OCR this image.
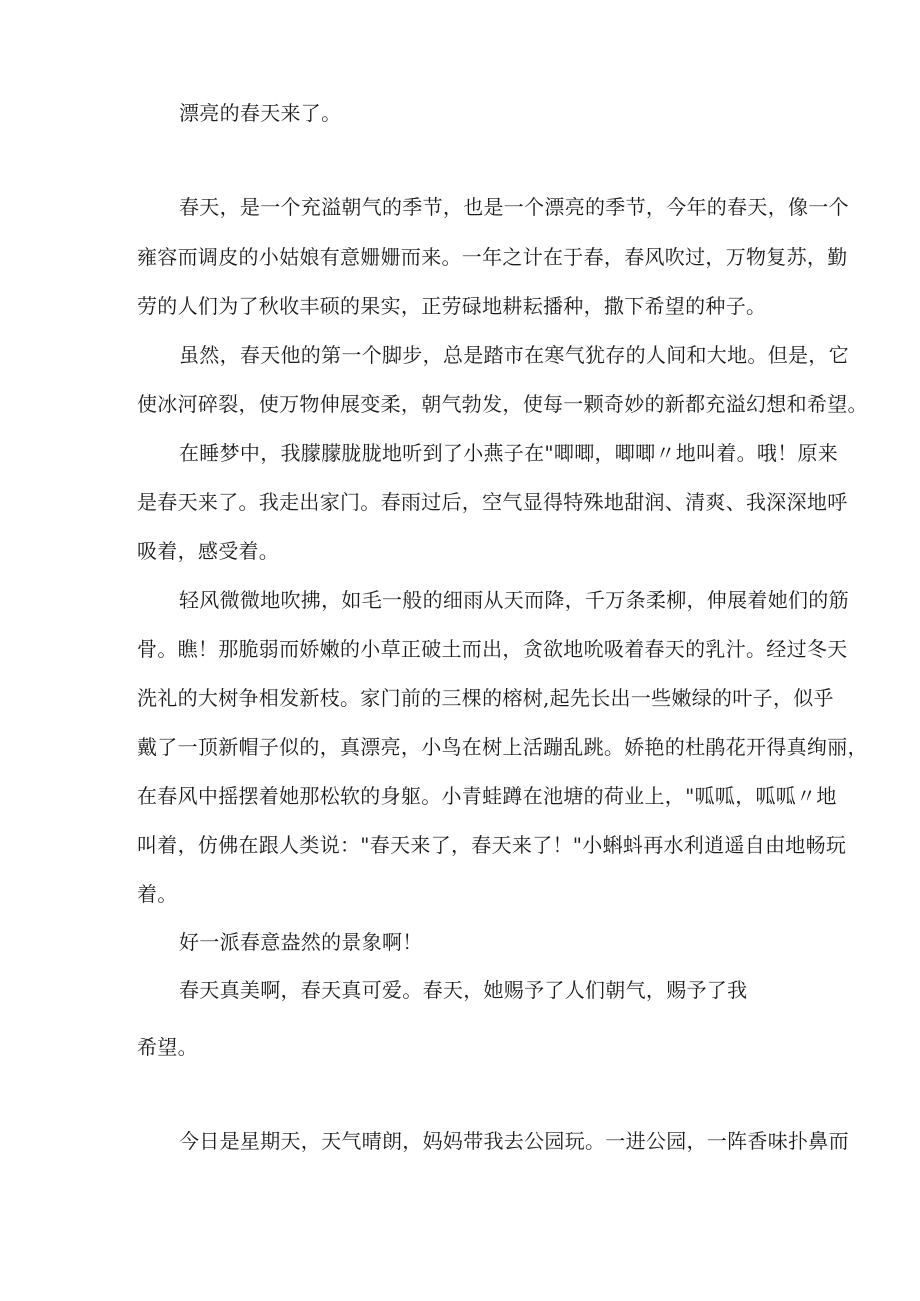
漂亮的春天来了。
春天，是一个充溢朝气的季节，也是一个漂亮的季节，今年的春天，像一个
雍容而调皮的小姑娘有意姗姗而来。一年之计在于春，春风吹过，万物复苏，勤
劳的人们为了秋收丰硕的果实，正劳碌地耕耘播种，撒下希望的种子。
虽然，春天他的第一个脚步，总是踏市在寒气犹存的人间和大地。但是，它
使冰河碎裂，使万物伸展变柔，朝气勃发，使每一颗奇妙的新都充溢幻想和希望。
在睡梦中，我朦朦胧胧地听到了小燕子在"唧唧，唧唧〃地叫着。哦！原来
是春天来了。我走出家门。春雨过后，空气显得特殊地甜润、清爽、我深深地呼
吸着，感受着。
轻风微微地吹拂，如毛一般的细雨从天而降，千万条柔柳，伸展着她们的筋
骨。瞧！那脆弱而娇嫩的小草正破土而出，贪欲地吮吸着春天的乳汁。经过冬天
洗礼的大树争相发新枝。家门前的三棵的榕树,起先长出一些嫩绿的叶子，似乎
戴了一顶新帽子似的，真漂亮，小鸟在树上活蹦乱跳。娇艳的杜鹃花开得真绚丽，
在春风中摇摆着她那松软的身躯。小青蛙蹲在池塘的荷业上，"呱呱，呱呱〃地
叫着，仿佛在跟人类说："春天来了，春天来了！"小蝌蚪再水利逍遥自由地畅玩
着。
好一派春意盎然的景象啊！
春天真美啊，春天真可爱。春天，她赐予了人们朝气，赐予了我
希望。
今日是星期天，天气晴朗，妈妈带我去公园玩。一进公园，一阵香味扑鼻而
